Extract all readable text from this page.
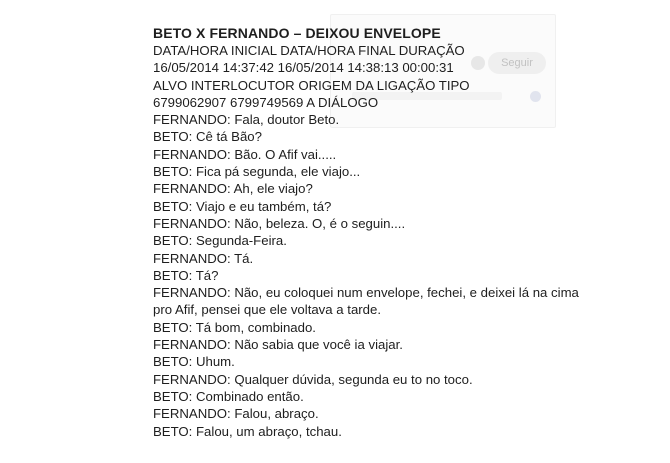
Seguir
BETO X FERNANDO – DEIXOU ENVELOPE
DATA/HORA INICIAL DATA/HORA FINAL DURAÇÃO
16/05/2014 14:37:42 16/05/2014 14:38:13 00:00:31
ALVO INTERLOCUTOR ORIGEM DA LIGAÇÃO TIPO
6799062907 6799749569 A DIÁLOGO
FERNANDO: Fala, doutor Beto.
BETO: Cê tá Bão?
FERNANDO: Bão. O Afif vai.....
BETO: Fica pá segunda, ele viajo...
FERNANDO: Ah, ele viajo?
BETO: Viajo e eu também, tá?
FERNANDO: Não, beleza. O, é o seguin....
BETO: Segunda-Feira.
FERNANDO: Tá.
BETO: Tá?
FERNANDO: Não, eu coloquei num envelope, fechei, e deixei lá na cima pro Afif, pensei que ele voltava a tarde.
BETO: Tá bom, combinado.
FERNANDO: Não sabia que você ia viajar.
BETO: Uhum.
FERNANDO: Qualquer dúvida, segunda eu to no toco.
BETO: Combinado então.
FERNANDO: Falou, abraço.
BETO: Falou, um abraço, tchau.
